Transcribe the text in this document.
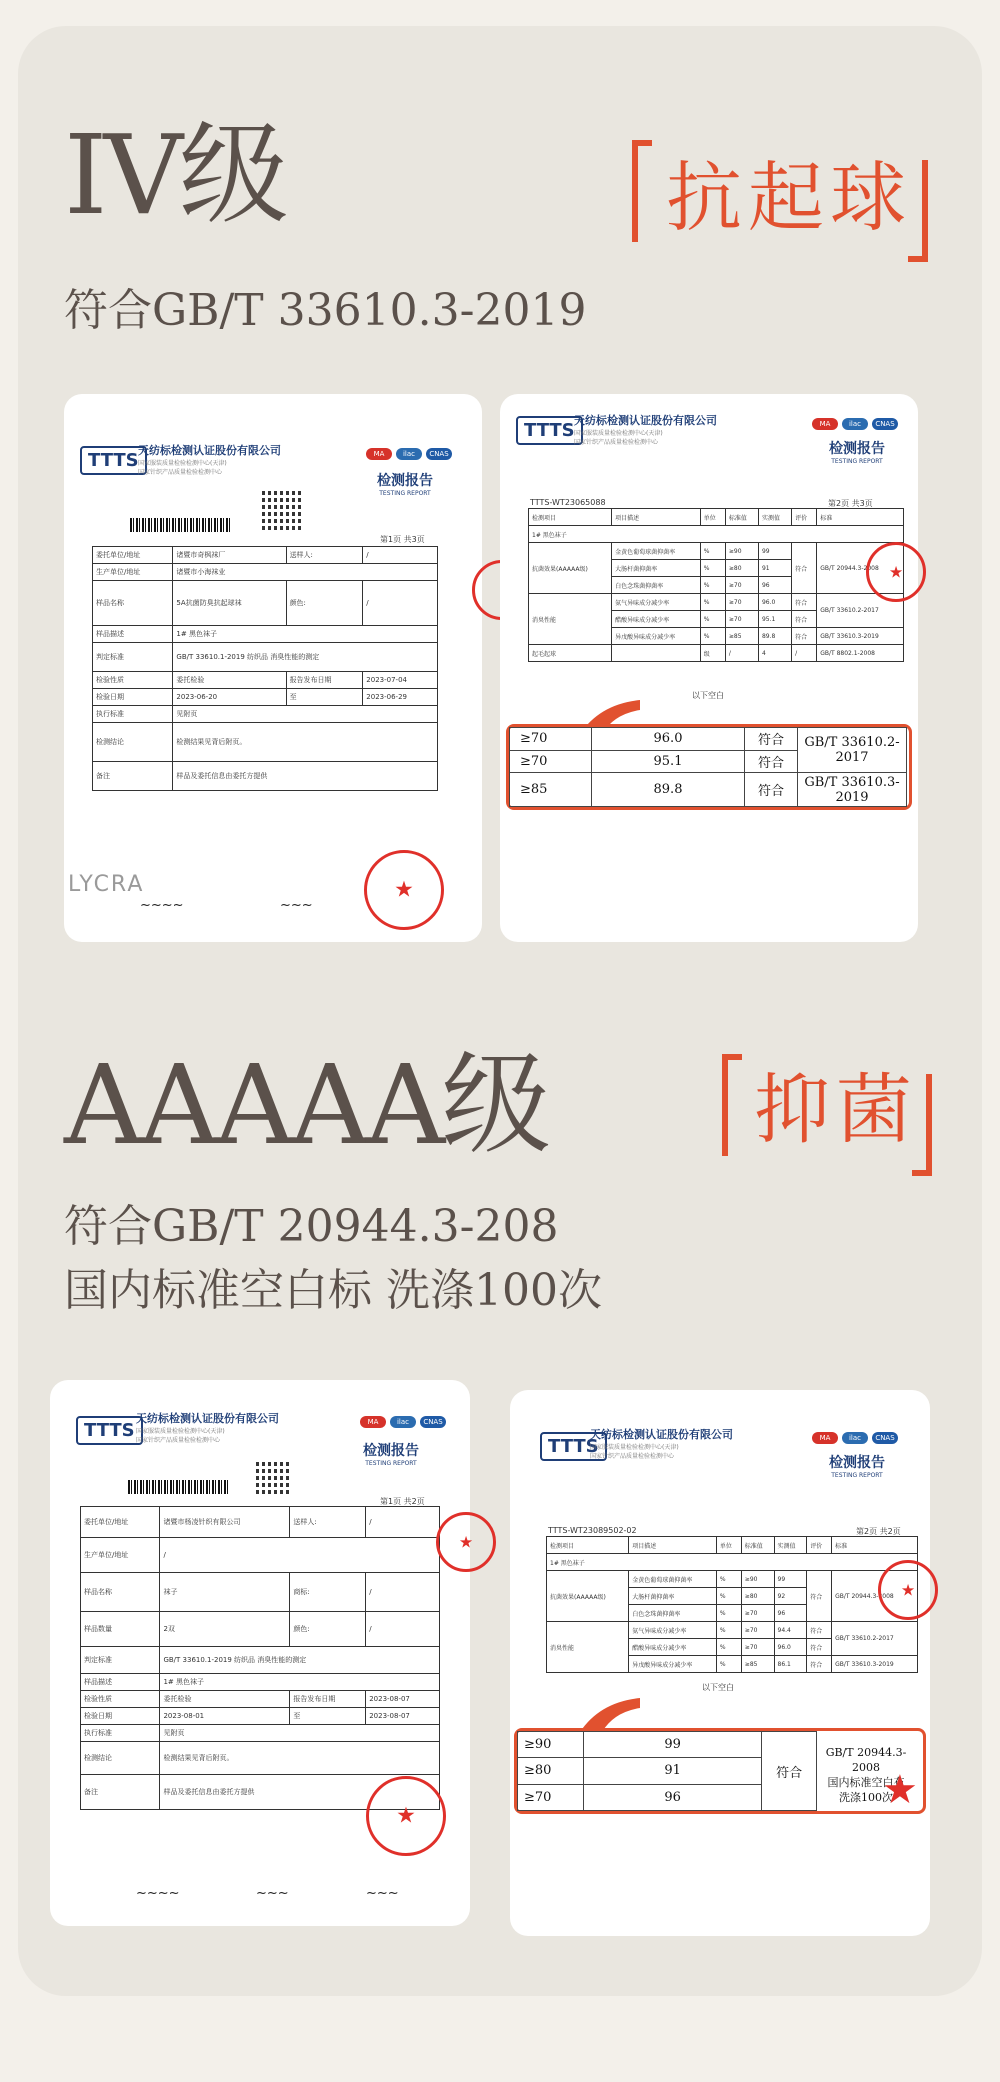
IV级	抗起球
符合GB/T 33610.3-2019
TTTS 天纺标检测认证股份有限公司
国家服装质量检验检测中心(天津)
国家针织产品质量检验检测中心
MA	ilac	CNAS
检测报告
TESTING REPORT
第1页 共3页
委托单位/地址	诸暨市奇枫袜厂	送样人:	/
生产单位/地址	诸暨市小海袜业		
样品名称	5A抗菌防臭抗起球袜	颜色:	/
样品描述	1# 黑色袜子		
判定标准	GB/T 33610.1-2019 纺织品 消臭性能的测定		
检验性质	委托检验	报告发布日期	2023-07-04
检验日期	2023-06-20	至	2023-06-29
执行标准	见附页		
检测结论	检测结果见背后附页。		
备注	样品及委托信息由委托方提供		
★
~~~~	~~~
LYCRA
TTTS 天纺标检测认证股份有限公司
国家服装质量检验检测中心(天津)
国家针织产品质量检验检测中心
MA	ilac	CNAS
检测报告
TESTING REPORT
TTTS-WT23065088	第2页 共3页
检测项目	项目描述	单位	标准值	实测值	评价	标准
1# 黑色袜子						
抗菌效果(AAAAA级)	金黄色葡萄球菌抑菌率	%	≥90	99	符合	GB/T 20944.3-2008
	大肠杆菌抑菌率	%	≥80	91		
	白色念珠菌抑菌率	%	≥70	96		
消臭性能	氨气异味成分减少率	%	≥70	96.0	符合	GB/T 33610.2-2017
	醋酸异味成分减少率	%	≥70	95.1	符合	
	异戊酸异味成分减少率	%	≥85	89.8	符合	GB/T 33610.3-2019
起毛起球		级	/	4	/	GB/T 8802.1-2008
以下空白
★
≥70	96.0	符合	GB/T 33610.2-2017
≥70	95.1	符合	
≥85	89.8	符合	GB/T 33610.3-2019
AAAAA级	抑菌
符合GB/T 20944.3-208
国内标准空白标 洗涤100次
TTTS
天纺标检测认证股份有限公司
国家服装质量检验检测中心(天津)
国家针织产品质量检验检测中心
MA	ilac	CNAS
检测报告
TESTING REPORT
第1页 共2页
委托单位/地址	诸暨市杨凌针织有限公司	送样人:	/
生产单位/地址	/		
样品名称	袜子	商标:	/
样品数量	2双	颜色:	/
判定标准	GB/T 33610.1-2019 纺织品 消臭性能的测定		
样品描述	1# 黑色袜子		
检验性质	委托检验	报告发布日期	2023-08-07
检验日期	2023-08-01	至	2023-08-07
执行标准	见附页		
检测结论	检测结果见背后附页。		
备注	样品及委托信息由委托方提供		
★
★
~~~~	~~~	~~~
TTTS
天纺标检测认证股份有限公司
国家服装质量检验检测中心(天津)
国家针织产品质量检验检测中心
MA	ilac	CNAS
检测报告
TESTING REPORT
TTTS-WT23089502-02	第2页 共2页
检测项目	项目描述	单位	标准值	实测值	评价	标准
1# 黑色袜子						
抗菌效果(AAAAA级)	金黄色葡萄球菌抑菌率	%	≥90	99	符合	GB/T 20944.3-2008
	大肠杆菌抑菌率	%	≥80	92		
	白色念珠菌抑菌率	%	≥70	96		
消臭性能	氨气异味成分减少率	%	≥70	94.4	符合	GB/T 33610.2-2017
	醋酸异味成分减少率	%	≥70	96.0	符合	
	异戊酸异味成分减少率	%	≥85	86.1	符合	GB/T 33610.3-2019
以下空白
★
≥90	99	符合
≥80	91	
≥70	96	
GB/T 20944.3-2008
国内标准空白布
洗涤100次
★
